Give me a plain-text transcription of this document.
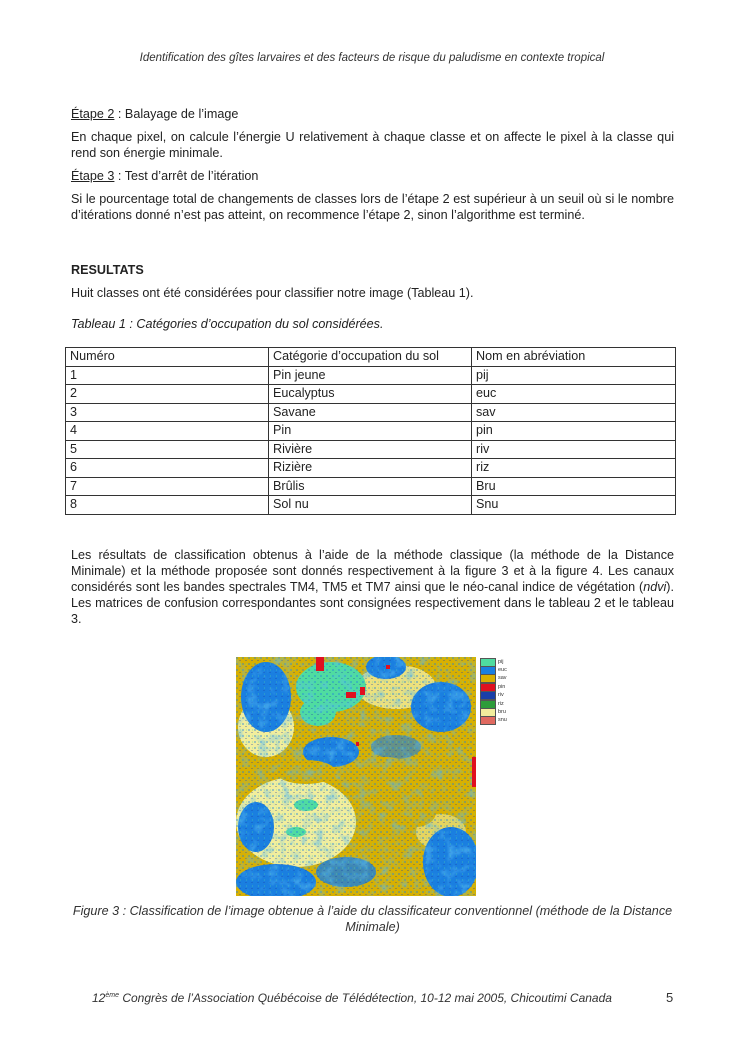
Identification des gîtes larvaires et des facteurs de risque du paludisme en contexte tropical
Étape 2 : Balayage de l’image
En chaque pixel, on calcule l’énergie U relativement à chaque classe et on affecte le pixel à la classe qui rend son énergie minimale.
Étape 3 : Test d’arrêt de l’itération
Si le pourcentage total de changements de classes lors de l’étape 2 est supérieur à un seuil où si le nombre d’itérations donné n’est pas atteint, on recommence l’étape 2, sinon l’algorithme est terminé.
RESULTATS
Huit classes ont été considérées pour classifier notre image (Tableau 1).
Tableau 1 : Catégories d’occupation du sol considérées.
Numéro	Catégorie d’occupation du sol	Nom en abréviation
1	Pin jeune	pij
2	Eucalyptus	euc
3	Savane	sav
4	Pin	pin
5	Rivière	riv
6	Rizière	riz
7	Brûlis	Bru
8	Sol nu	Snu
Les résultats de classification obtenus à l’aide de la méthode classique (la méthode de la Distance Minimale) et la méthode proposée sont donnés respectivement à la figure 3 et à la figure 4. Les canaux considérés sont les bandes spectrales TM4, TM5 et TM7 ainsi que le néo-canal indice de végétation (ndvi). Les matrices de confusion correspondantes sont consignées respectivement dans le tableau 2 et le tableau 3.
pij
euc
sav
pin
riv
riz
bru
snu
Figure 3 : Classification de l’image obtenue à l’aide du classificateur conventionnel (méthode de la Distance Minimale)
12ème Congrès de l’Association Québécoise de Télédétection, 10-12 mai 2005, Chicoutimi Canada	5
